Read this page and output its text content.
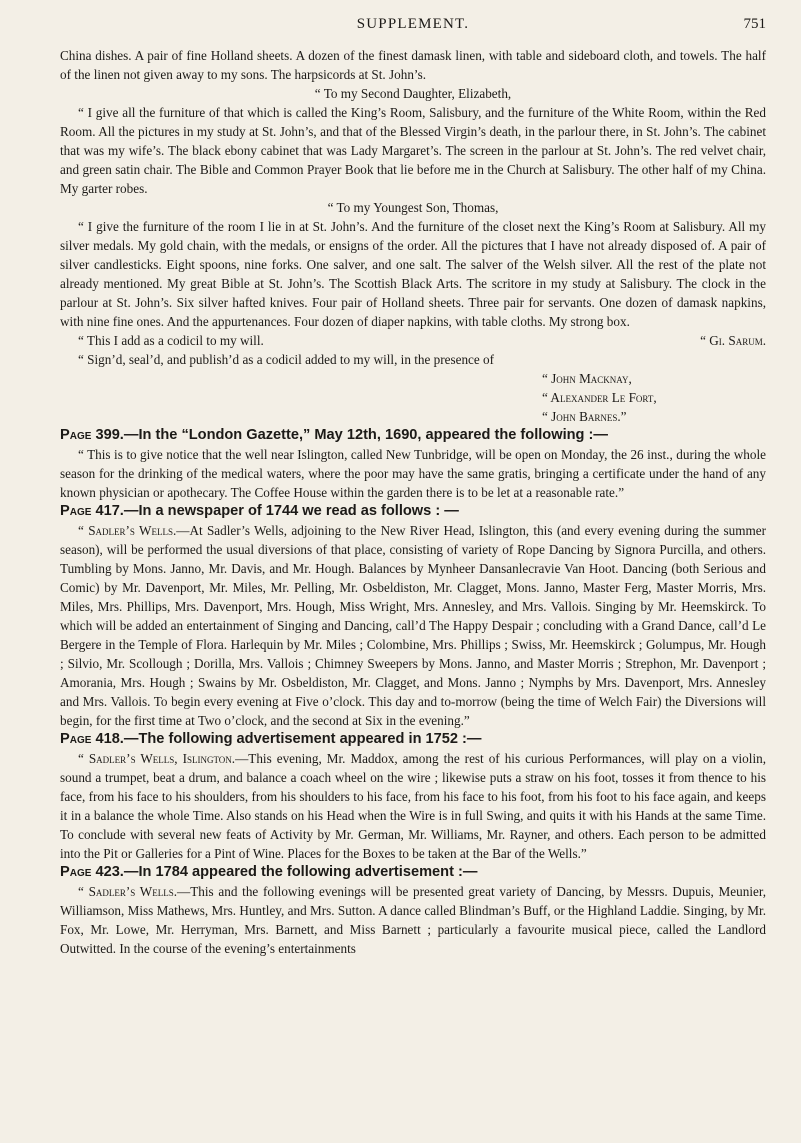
SUPPLEMENT.	751

China dishes. A pair of fine Holland sheets. A dozen of the finest damask linen, with table and sideboard cloth, and towels. The half of the linen not given away to my sons. The harpsicords at St. John’s.

“ To my Second Daughter, Elizabeth,

“ I give all the furniture of that which is called the King’s Room, Salisbury, and the furniture of the White Room, within the Red Room. All the pictures in my study at St. John’s, and that of the Blessed Virgin’s death, in the parlour there, in St. John’s. The cabinet that was my wife’s. The black ebony cabinet that was Lady Margaret’s. The screen in the parlour at St. John’s. The red velvet chair, and green satin chair. The Bible and Common Prayer Book that lie before me in the Church at Salisbury. The other half of my China. My garter robes.

“ To my Youngest Son, Thomas,

“ I give the furniture of the room I lie in at St. John’s. And the furniture of the closet next the King’s Room at Salisbury. All my silver medals. My gold chain, with the medals, or ensigns of the order. All the pictures that I have not already disposed of. A pair of silver candlesticks. Eight spoons, nine forks. One salver, and one salt. The salver of the Welsh silver. All the rest of the plate not already mentioned. My great Bible at St. John’s. The Scottish Black Arts. The scritore in my study at Salisbury. The clock in the parlour at St. John’s. Six silver hafted knives. Four pair of Holland sheets. Three pair for servants. One dozen of damask napkins, with nine fine ones. And the appurtenances. Four dozen of diaper napkins, with table cloths. My strong box.

“ This I add as a codicil to my will.	“ Gi. Sarum.

“ Sign’d, seal’d, and publish’d as a codicil added to my will, in the presence of

“ John Macknay,

“ Alexander Le Fort,

“ John Barnes.”

Page 399.—In the “London Gazette,” May 12th, 1690, appeared the following :—

“ This is to give notice that the well near Islington, called New Tunbridge, will be open on Monday, the 26 inst., during the whole season for the drinking of the medical waters, where the poor may have the same gratis, bringing a certificate under the hand of any known physician or apothecary. The Coffee House within the garden there is to be let at a reasonable rate.”

Page 417.—In a newspaper of 1744 we read as follows : —

“ Sadler’s Wells.—At Sadler’s Wells, adjoining to the New River Head, Islington, this (and every evening during the summer season), will be performed the usual diversions of that place, consisting of variety of Rope Dancing by Signora Purcilla, and others. Tumbling by Mons. Janno, Mr. Davis, and Mr. Hough. Balances by Mynheer Dansanlecravie Van Hoot. Dancing (both Serious and Comic) by Mr. Davenport, Mr. Miles, Mr. Pelling, Mr. Osbeldiston, Mr. Clagget, Mons. Janno, Master Ferg, Master Morris, Mrs. Miles, Mrs. Phillips, Mrs. Davenport, Mrs. Hough, Miss Wright, Mrs. Annesley, and Mrs. Vallois. Singing by Mr. Heemskirck. To which will be added an entertainment of Singing and Dancing, call’d The Happy Despair ; concluding with a Grand Dance, call’d Le Bergere in the Temple of Flora. Harlequin by Mr. Miles ; Colombine, Mrs. Phillips ; Swiss, Mr. Heemskirck ; Golumpus, Mr. Hough ; Silvio, Mr. Scollough ; Dorilla, Mrs. Vallois ; Chimney Sweepers by Mons. Janno, and Master Morris ; Strephon, Mr. Davenport ; Amorania, Mrs. Hough ; Swains by Mr. Osbeldiston, Mr. Clagget, and Mons. Janno ; Nymphs by Mrs. Davenport, Mrs. Annesley and Mrs. Vallois. To begin every evening at Five o’clock. This day and to-morrow (being the time of Welch Fair) the Diversions will begin, for the first time at Two o’clock, and the second at Six in the evening.”

Page 418.—The following advertisement appeared in 1752 :—

“ Sadler’s Wells, Islington.—This evening, Mr. Maddox, among the rest of his curious Performances, will play on a violin, sound a trumpet, beat a drum, and balance a coach wheel on the wire ; likewise puts a straw on his foot, tosses it from thence to his face, from his face to his shoulders, from his shoulders to his face, from his face to his foot, from his foot to his face again, and keeps it in a balance the whole Time. Also stands on his Head when the Wire is in full Swing, and quits it with his Hands at the same Time. To conclude with several new feats of Activity by Mr. German, Mr. Williams, Mr. Rayner, and others. Each person to be admitted into the Pit or Galleries for a Pint of Wine. Places for the Boxes to be taken at the Bar of the Wells.”

Page 423.—In 1784 appeared the following advertisement :—

“ Sadler’s Wells.—This and the following evenings will be presented great variety of Dancing, by Messrs. Dupuis, Meunier, Williamson, Miss Mathews, Mrs. Huntley, and Mrs. Sutton. A dance called Blindman’s Buff, or the Highland Laddie. Singing, by Mr. Fox, Mr. Lowe, Mr. Herryman, Mrs. Barnett, and Miss Barnett ; particularly a favourite musical piece, called the Landlord Outwitted. In the course of the evening’s entertainments
